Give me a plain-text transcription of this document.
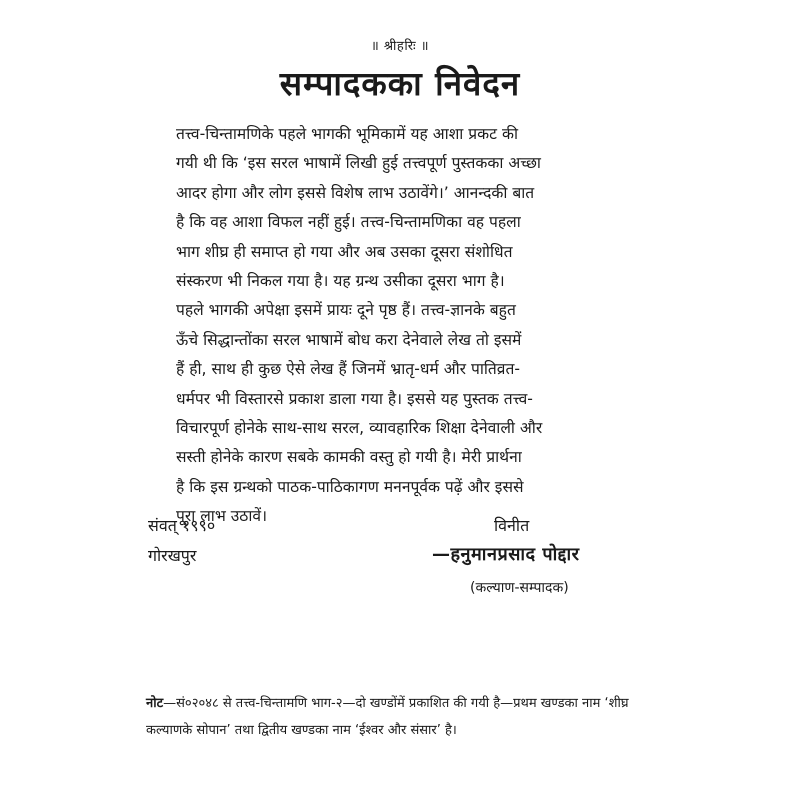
॥ श्रीहरिः ॥
सम्पादकका निवेदन
तत्त्व-चिन्तामणिके पहले भागकी भूमिकामें यह आशा प्रकट की
गयी थी कि ‘इस सरल भाषामें लिखी हुई तत्त्वपूर्ण पुस्तकका अच्छा
आदर होगा और लोग इससे विशेष लाभ उठावेंगे।’ आनन्दकी बात
है कि वह आशा विफल नहीं हुई। तत्त्व-चिन्तामणिका वह पहला
भाग शीघ्र ही समाप्त हो गया और अब उसका दूसरा संशोधित
संस्करण भी निकल गया है। यह ग्रन्थ उसीका दूसरा भाग है।
पहले भागकी अपेक्षा इसमें प्रायः दूने पृष्ठ हैं। तत्त्व-ज्ञानके बहुत
ऊँचे सिद्धान्तोंका सरल भाषामें बोध करा देनेवाले लेख तो इसमें
हैं ही, साथ ही कुछ ऐसे लेख हैं जिनमें भ्रातृ-धर्म और पातिव्रत-
धर्मपर भी विस्तारसे प्रकाश डाला गया है। इससे यह पुस्तक तत्त्व-
विचारपूर्ण होनेके साथ-साथ सरल, व्यावहारिक शिक्षा देनेवाली और
सस्ती होनेके कारण सबके कामकी वस्तु हो गयी है। मेरी प्रार्थना
है कि इस ग्रन्थको पाठक-पाठिकागण मननपूर्वक पढ़ें और इससे
पूरा लाभ उठावें।
संवत् १९९०
गोरखपुर
विनीत
—हनुमानप्रसाद पोद्दार
(कल्याण-सम्पादक)
नोट—सं०२०४८ से तत्त्व-चिन्तामणि भाग-२—दो खण्डोंमें प्रकाशित की गयी है—प्रथम खण्डका नाम ‘शीघ्र कल्याणके सोपान’ तथा द्वितीय खण्डका नाम ‘ईश्वर और संसार’ है।
